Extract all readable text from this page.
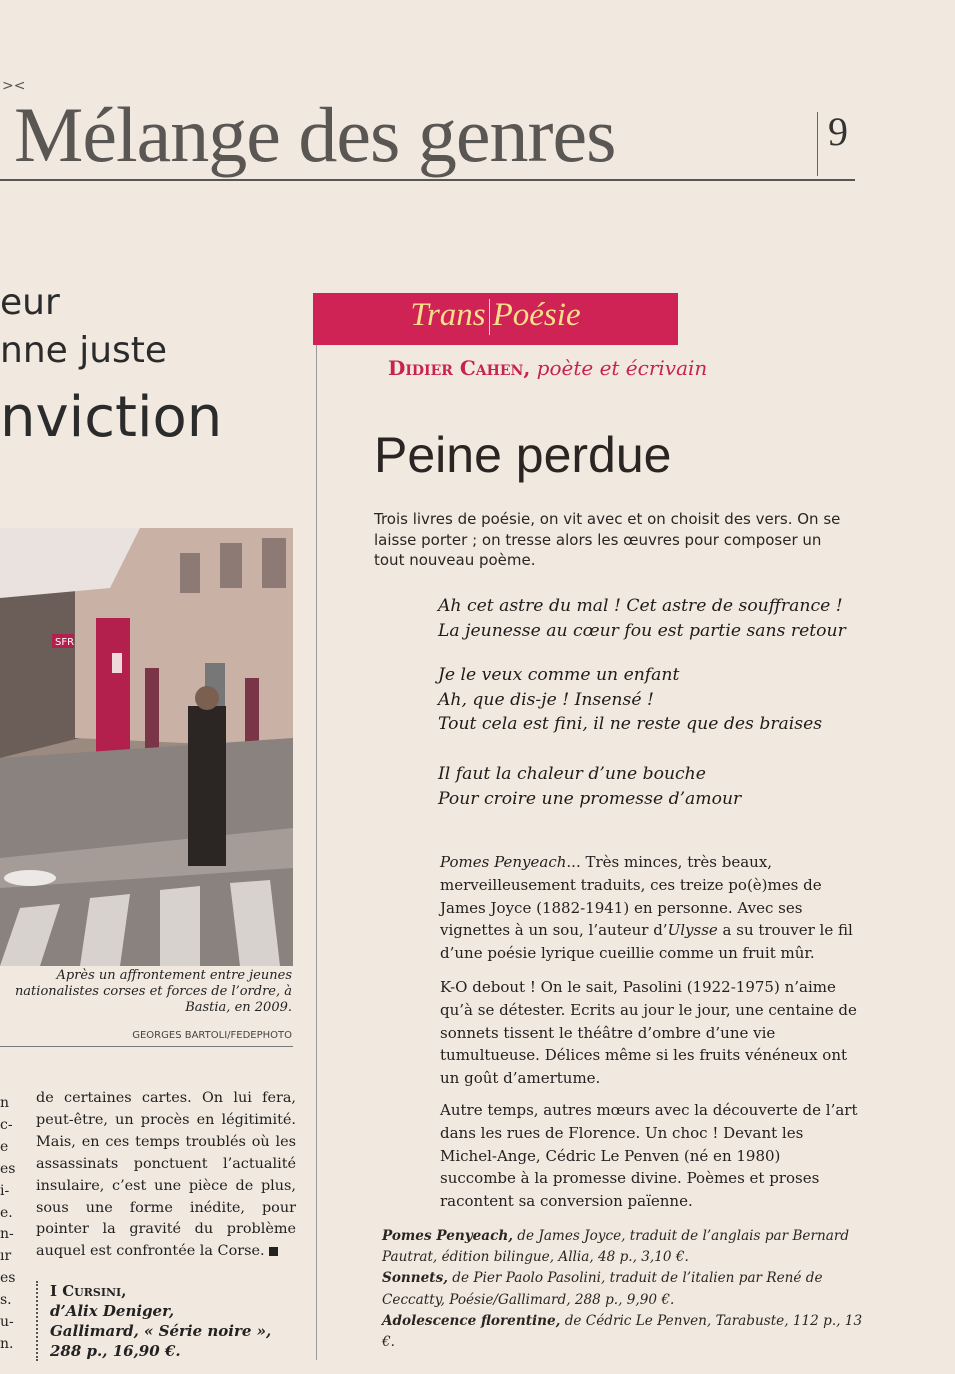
><
Mélange des genres	9
eur
nne juste
nviction
SFR
Après un affrontement entre jeunes nationalistes corses et forces de l’ordre, à Bastia, en 2009.
GEORGES BARTOLI/FEDEPHOTO
n c- e es i- e. n- ır es s. u- n.
de certaines cartes. On lui fera, peut-être, un procès en légitimité. Mais, en ces temps troublés où les assassinats ponctuent l’actualité insulaire, c’est une pièce de plus, sous une forme inédite, pour pointer la gravité du problème auquel est confrontée la Corse.
I Cursini,
d’Alix Deniger,
Gallimard, « Série noire »,
288 p., 16,90 €.
Trans Poésie
Didier Cahen, poète et écrivain
Peine perdue
Trois livres de poésie, on vit avec et on choisit des vers. On se laisse porter ; on tresse alors les œuvres pour composer un tout nouveau poème.
Ah cet astre du mal ! Cet astre de souffrance !
La jeunesse au cœur fou est partie sans retour
Je le veux comme un enfant
Ah, que dis-je ! Insensé !
Tout cela est fini, il ne reste que des braises
Il faut la chaleur d’une bouche
Pour croire une promesse d’amour
Pomes Penyeach... Très minces, très beaux, merveilleusement traduits, ces treize po(è)mes de James Joyce (1882-1941) en personne. Avec ses vignettes à un sou, l’auteur d’Ulysse a su trouver le fil d’une poésie lyrique cueillie comme un fruit mûr.
K-O debout ! On le sait, Pasolini (1922-1975) n’aime qu’à se détester. Ecrits au jour le jour, une centaine de sonnets tissent le théâtre d’ombre d’une vie tumultueuse. Délices même si les fruits vénéneux ont un goût d’amertume.
Autre temps, autres mœurs avec la découverte de l’art dans les rues de Florence. Un choc ! Devant les Michel-Ange, Cédric Le Penven (né en 1980) succombe à la promesse divine. Poèmes et proses racontent sa conversion païenne.
Pomes Penyeach, de James Joyce, traduit de l’anglais par Bernard Pautrat, édition bilingue, Allia, 48 p., 3,10 €.
Sonnets, de Pier Paolo Pasolini, traduit de l’italien par René de Ceccatty, Poésie/Gallimard, 288 p., 9,90 €.
Adolescence florentine, de Cédric Le Penven, Tarabuste, 112 p., 13 €.
